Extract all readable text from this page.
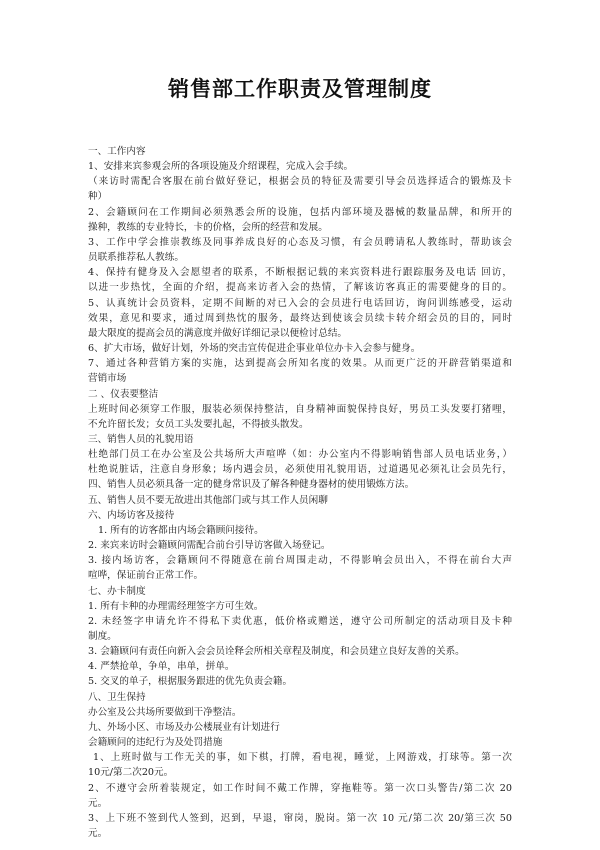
销售部工作职责及管理制度
一、工作内容
1、安排来宾参观会所的各项设施及介绍课程，完成入会手续。
（来访时需配合客服在前台做好登记，根据会员的特征及需要引导会员选择适合的锻炼及卡
种）
2、会籍顾问在工作期间必须熟悉会所的设施，包括内部环境及器械的数量品牌，和所开的
操种，教练的专业特长，卡的价格，会所的经营和发展。
3、工作中学会推崇教练及同事养成良好的心态及习惯，有会员聘请私人教练时，帮助该会
员联系推荐私人教练。
4、保持有健身及入会愿望者的联系，不断根据记载的来宾资料进行跟踪服务及电话 回访，
以进一步热忱，全面的介绍，提高来访者入会的热情，了解该访客真正的需要健身的目的。
5、认真统计会员资料，定期不间断的对已入会的会员进行电话回访，询问训练感受，运动
效果，意见和要求，通过周到热忱的服务，最终达到使该会员续卡转介绍会员的目的，同时
最大限度的提高会员的满意度并做好详细记录以便检讨总结。
6、扩大市场，做好计划，外场的突击宣传促进企事业单位办卡入会参与健身。
7、通过各种营销方案的实施，达到提高会所知名度的效果。从而更广泛的开辟营销渠道和
营销市场
二 、仪表要整洁
上班时间必须穿工作服，服装必须保持整洁，自身精神面貌保持良好，男员工头发要打猪哩，
不允许留长发；女员工头发要扎起，不得披头散发。
三、销售人员的礼貌用语
杜绝部门员工在办公室及公共场所大声喧哗（如：办公室内不得影响销售部人员电话业务，）
杜绝说脏话，注意自身形象；场内遇会员，必须使用礼貌用语，过道遇见必须礼让会员先行，
四、销售人员必须具备一定的健身常识及了解各种健身器材的使用锻炼方法。
五、销售人员不要无故进出其他部门或与其工作人员闲聊
六、内场访客及接待
1. 所有的访客都由内场会籍顾问接待。
2. 来宾来访时会籍顾问需配合前台引导访客做入场登记。
3. 接内场访客，会籍顾问不得随意在前台周围走动，不得影响会员出入，不得在前台大声
喧哗，保证前台正常工作。
七、办卡制度
1. 所有卡种的办理需经理签字方可生效。
2. 未经签字申请允许不得私下卖优惠，低价格或赠送，遵守公司所制定的活动项目及卡种
制度。
3. 会籍顾问有责任向新入会会员诠释会所相关章程及制度，和会员建立良好友善的关系。
4. 严禁抢单，争单，串单，拼单。
5. 交叉的单子，根据服务跟进的优先负责会籍。
八、卫生保持
办公室及公共场所要做到干净整洁。
九、外场小区、市场及办公楼展业有计划进行
会籍顾问的违纪行为及处罚措施
1、上班时做与工作无关的事，如下棋，打牌，看电视，睡觉，上网游戏，打球等。第一次
10元/第二次20元。
2、不遵守会所着装规定，如工作时间不戴工作牌，穿拖鞋等。第一次口头警告/第二次 20
元。
3、上下班不签到代人签到，迟到，早退，窜岗，脱岗。第一次 10 元/第二次 20/第三次 50
元。
